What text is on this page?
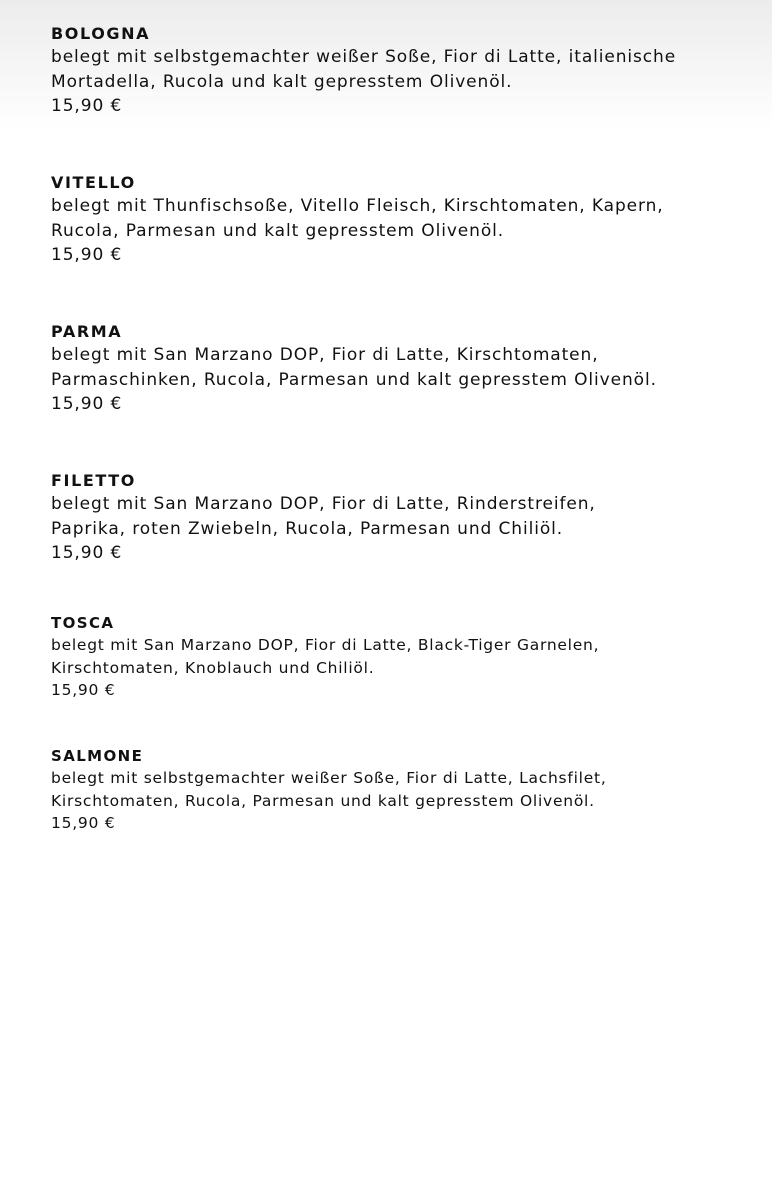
BOLOGNA
belegt mit selbstgemachter weißer Soße, Fior di Latte, italienische
Mortadella, Rucola und kalt gepresstem Olivenöl.
15,90 €
VITELLO
belegt mit Thunfischsoße, Vitello Fleisch, Kirschtomaten, Kapern,
Rucola, Parmesan und kalt gepresstem Olivenöl.
15,90 €
PARMA
belegt mit San Marzano DOP, Fior di Latte, Kirschtomaten,
Parmaschinken, Rucola, Parmesan und kalt gepresstem Olivenöl.
15,90 €
FILETTO
belegt mit San Marzano DOP, Fior di Latte, Rinderstreifen,
Paprika, roten Zwiebeln, Rucola, Parmesan und Chiliöl.
15,90 €
TOSCA
belegt mit San Marzano DOP, Fior di Latte, Black-Tiger Garnelen,
Kirschtomaten, Knoblauch und Chiliöl.
15,90 €
SALMONE
belegt mit selbstgemachter weißer Soße, Fior di Latte, Lachsfilet,
Kirschtomaten, Rucola, Parmesan und kalt gepresstem Olivenöl.
15,90 €
